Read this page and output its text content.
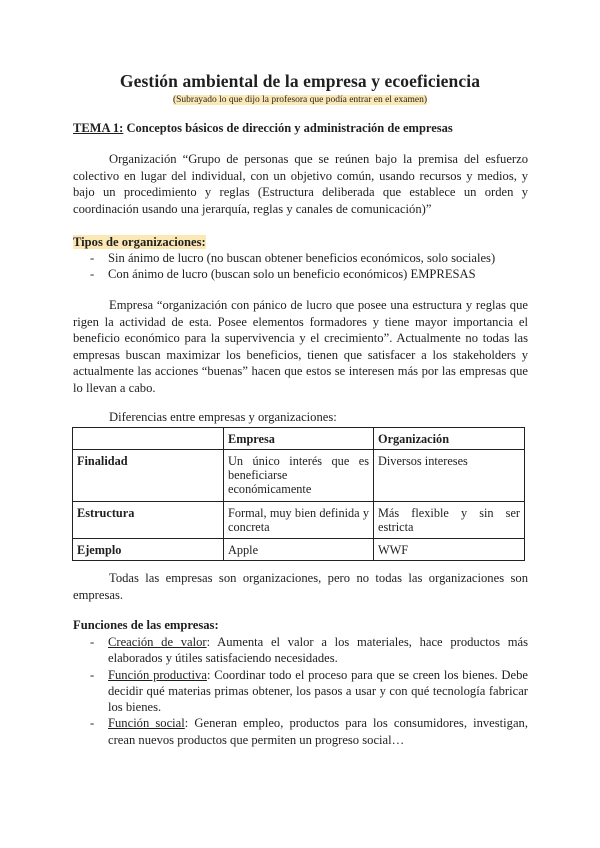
Gestión ambiental de la empresa y ecoeficiencia
(Subrayado lo que dijo la profesora que podía entrar en el examen)
TEMA 1: Conceptos básicos de dirección y administración de empresas

Organización “Grupo de personas que se reúnen bajo la premisa del esfuerzo colectivo en lugar del individual, con un objetivo común, usando recursos y medios, y bajo un procedimiento y reglas (Estructura deliberada que establece un orden y coordinación usando una jerarquía, reglas y canales de comunicación)”

Tipos de organizaciones:
- Sin ánimo de lucro (no buscan obtener beneficios económicos, solo sociales)
- Con ánimo de lucro (buscan solo un beneficio económicos) EMPRESAS

Empresa “organización con pánico de lucro que posee una estructura y reglas que rigen la actividad de esta. Posee elementos formadores y tiene mayor importancia el beneficio económico para la supervivencia y el crecimiento”. Actualmente no todas las empresas buscan maximizar los beneficios, tienen que satisfacer a los stakeholders y actualmente las acciones “buenas” hacen que estos se interesen más por las empresas que lo llevan a cabo.

Diferencias entre empresas y organizaciones:
	Empresa	Organización
Finalidad	Un único interés que es beneficiarse económicamente	Diversos intereses
Estructura	Formal, muy bien definida y concreta	Más flexible y sin ser estricta
Ejemplo	Apple	WWF

Todas las empresas son organizaciones, pero no todas las organizaciones son empresas.

Funciones de las empresas:
- Creación de valor: Aumenta el valor a los materiales, hace productos más elaborados y útiles satisfaciendo necesidades.
- Función productiva: Coordinar todo el proceso para que se creen los bienes. Debe decidir qué materias primas obtener, los pasos a usar y con qué tecnología fabricar los bienes.
- Función social: Generan empleo, productos para los consumidores, investigan, crean nuevos productos que permiten un progreso social…
